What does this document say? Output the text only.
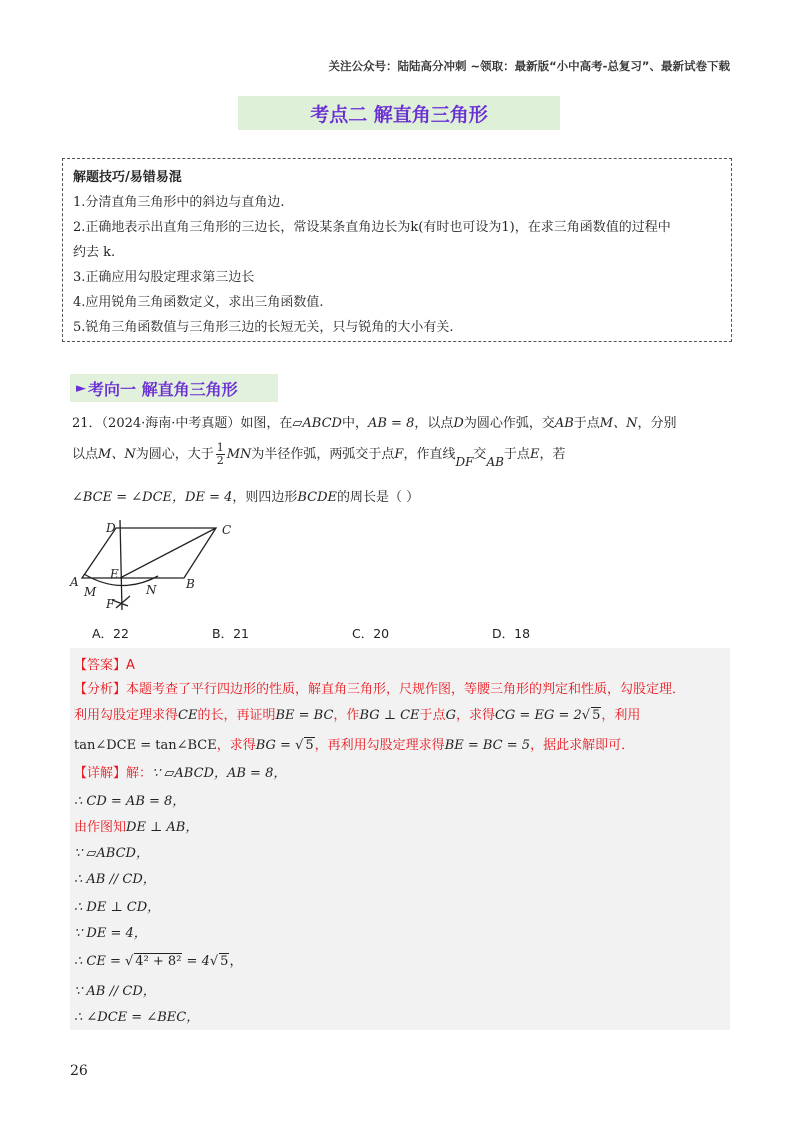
关注公众号：陆陆高分冲刺 ~领取：最新版“小中高考-总复习”、最新试卷下载
考点二 解直角三角形

解题技巧/易错易混

1.分清直角三角形中的斜边与直角边.

2.正确地表示出直角三角形的三边长，常设某条直角边长为k(有时也可设为1)，在求三角函数值的过程中

约去 k.

3.正确应用勾股定理求第三边长

4.应用锐角三角函数定义，求出三角函数值.

5.锐角三角函数值与三角形三边的长短无关，只与锐角的大小有关.

► 考向一 解直角三角形
21．（2024·海南·中考真题）如图，在▱ABCD中，AB = 8，以点D为圆心作弧，交AB于点M、N，分别
以点M、N为圆心，大于 $\frac{1}{2}$ MN为半径作弧，两弧交于点F，作直线DF交AB于点E，若
∠BCE = ∠DCE，DE = 4，则四边形BCDE的周长是（ ）
D	C
A
E
B
M	N
F
A．22	B．21	C．20	D．18
【答案】A
【分析】本题考查了平行四边形的性质，解直角三角形，尺规作图，等腰三角形的判定和性质，勾股定理．
利用勾股定理求得CE的长，再证明BE = BC，作BG ⊥ CE于点G，求得CG = EG = 2√ 5，利用
tan∠DCE = tan∠BCE，求得BG = √ 5，再利用勾股定理求得BE = BC = 5，据此求解即可．
【详解】解：∵ ▱ABCD，AB = 8，
∴ CD = AB = 8，
由作图知DE ⊥ AB，
∵ ▱ABCD，
∴ AB // CD，
∴ DE ⊥ CD，
∵ DE = 4，
∴ CE = √ 4² + 8² = 4√ 5，
∵ AB // CD，
∴ ∠DCE = ∠BEC，
26
